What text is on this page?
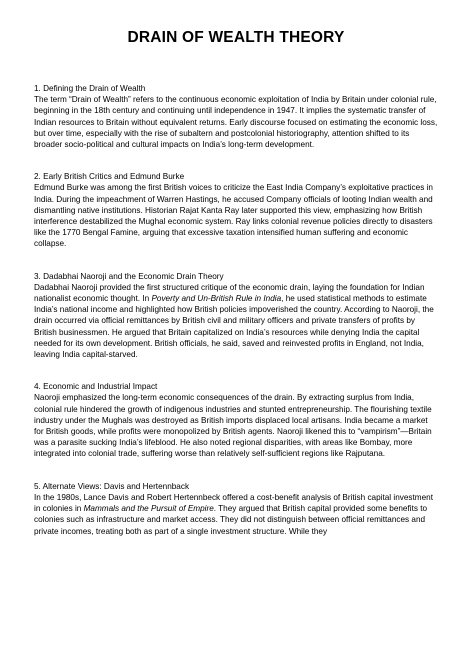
DRAIN OF WEALTH THEORY

1. Defining the Drain of Wealth

The term “Drain of Wealth” refers to the continuous economic exploitation of India by Britain under colonial rule, beginning in the 18th century and continuing until independence in 1947. It implies the systematic transfer of Indian resources to Britain without equivalent returns. Early discourse focused on estimating the economic loss, but over time, especially with the rise of subaltern and postcolonial historiography, attention shifted to its broader socio-political and cultural impacts on India’s long-term development.

2. Early British Critics and Edmund Burke

Edmund Burke was among the first British voices to criticize the East India Company’s exploitative practices in India. During the impeachment of Warren Hastings, he accused Company officials of looting Indian wealth and dismantling native institutions. Historian Rajat Kanta Ray later supported this view, emphasizing how British interference destabilized the Mughal economic system. Ray links colonial revenue policies directly to disasters like the 1770 Bengal Famine, arguing that excessive taxation intensified human suffering and economic collapse.

3. Dadabhai Naoroji and the Economic Drain Theory

Dadabhai Naoroji provided the first structured critique of the economic drain, laying the foundation for Indian nationalist economic thought. In Poverty and Un-British Rule in India, he used statistical methods to estimate India’s national income and highlighted how British policies impoverished the country. According to Naoroji, the drain occurred via official remittances by British civil and military officers and private transfers of profits by British businessmen. He argued that Britain capitalized on India’s resources while denying India the capital needed for its own development. British officials, he said, saved and reinvested profits in England, not India, leaving India capital-starved.

4. Economic and Industrial Impact

Naoroji emphasized the long-term economic consequences of the drain. By extracting surplus from India, colonial rule hindered the growth of indigenous industries and stunted entrepreneurship. The flourishing textile industry under the Mughals was destroyed as British imports displaced local artisans. India became a market for British goods, while profits were monopolized by British agents. Naoroji likened this to “vampirism”—Britain was a parasite sucking India’s lifeblood. He also noted regional disparities, with areas like Bombay, more integrated into colonial trade, suffering worse than relatively self-sufficient regions like Rajputana.

5. Alternate Views: Davis and Hertennback

In the 1980s, Lance Davis and Robert Hertennbeck offered a cost-benefit analysis of British capital investment in colonies in Mammals and the Pursuit of Empire. They argued that British capital provided some benefits to colonies such as infrastructure and market access. They did not distinguish between official remittances and private incomes, treating both as part of a single investment structure. While they
